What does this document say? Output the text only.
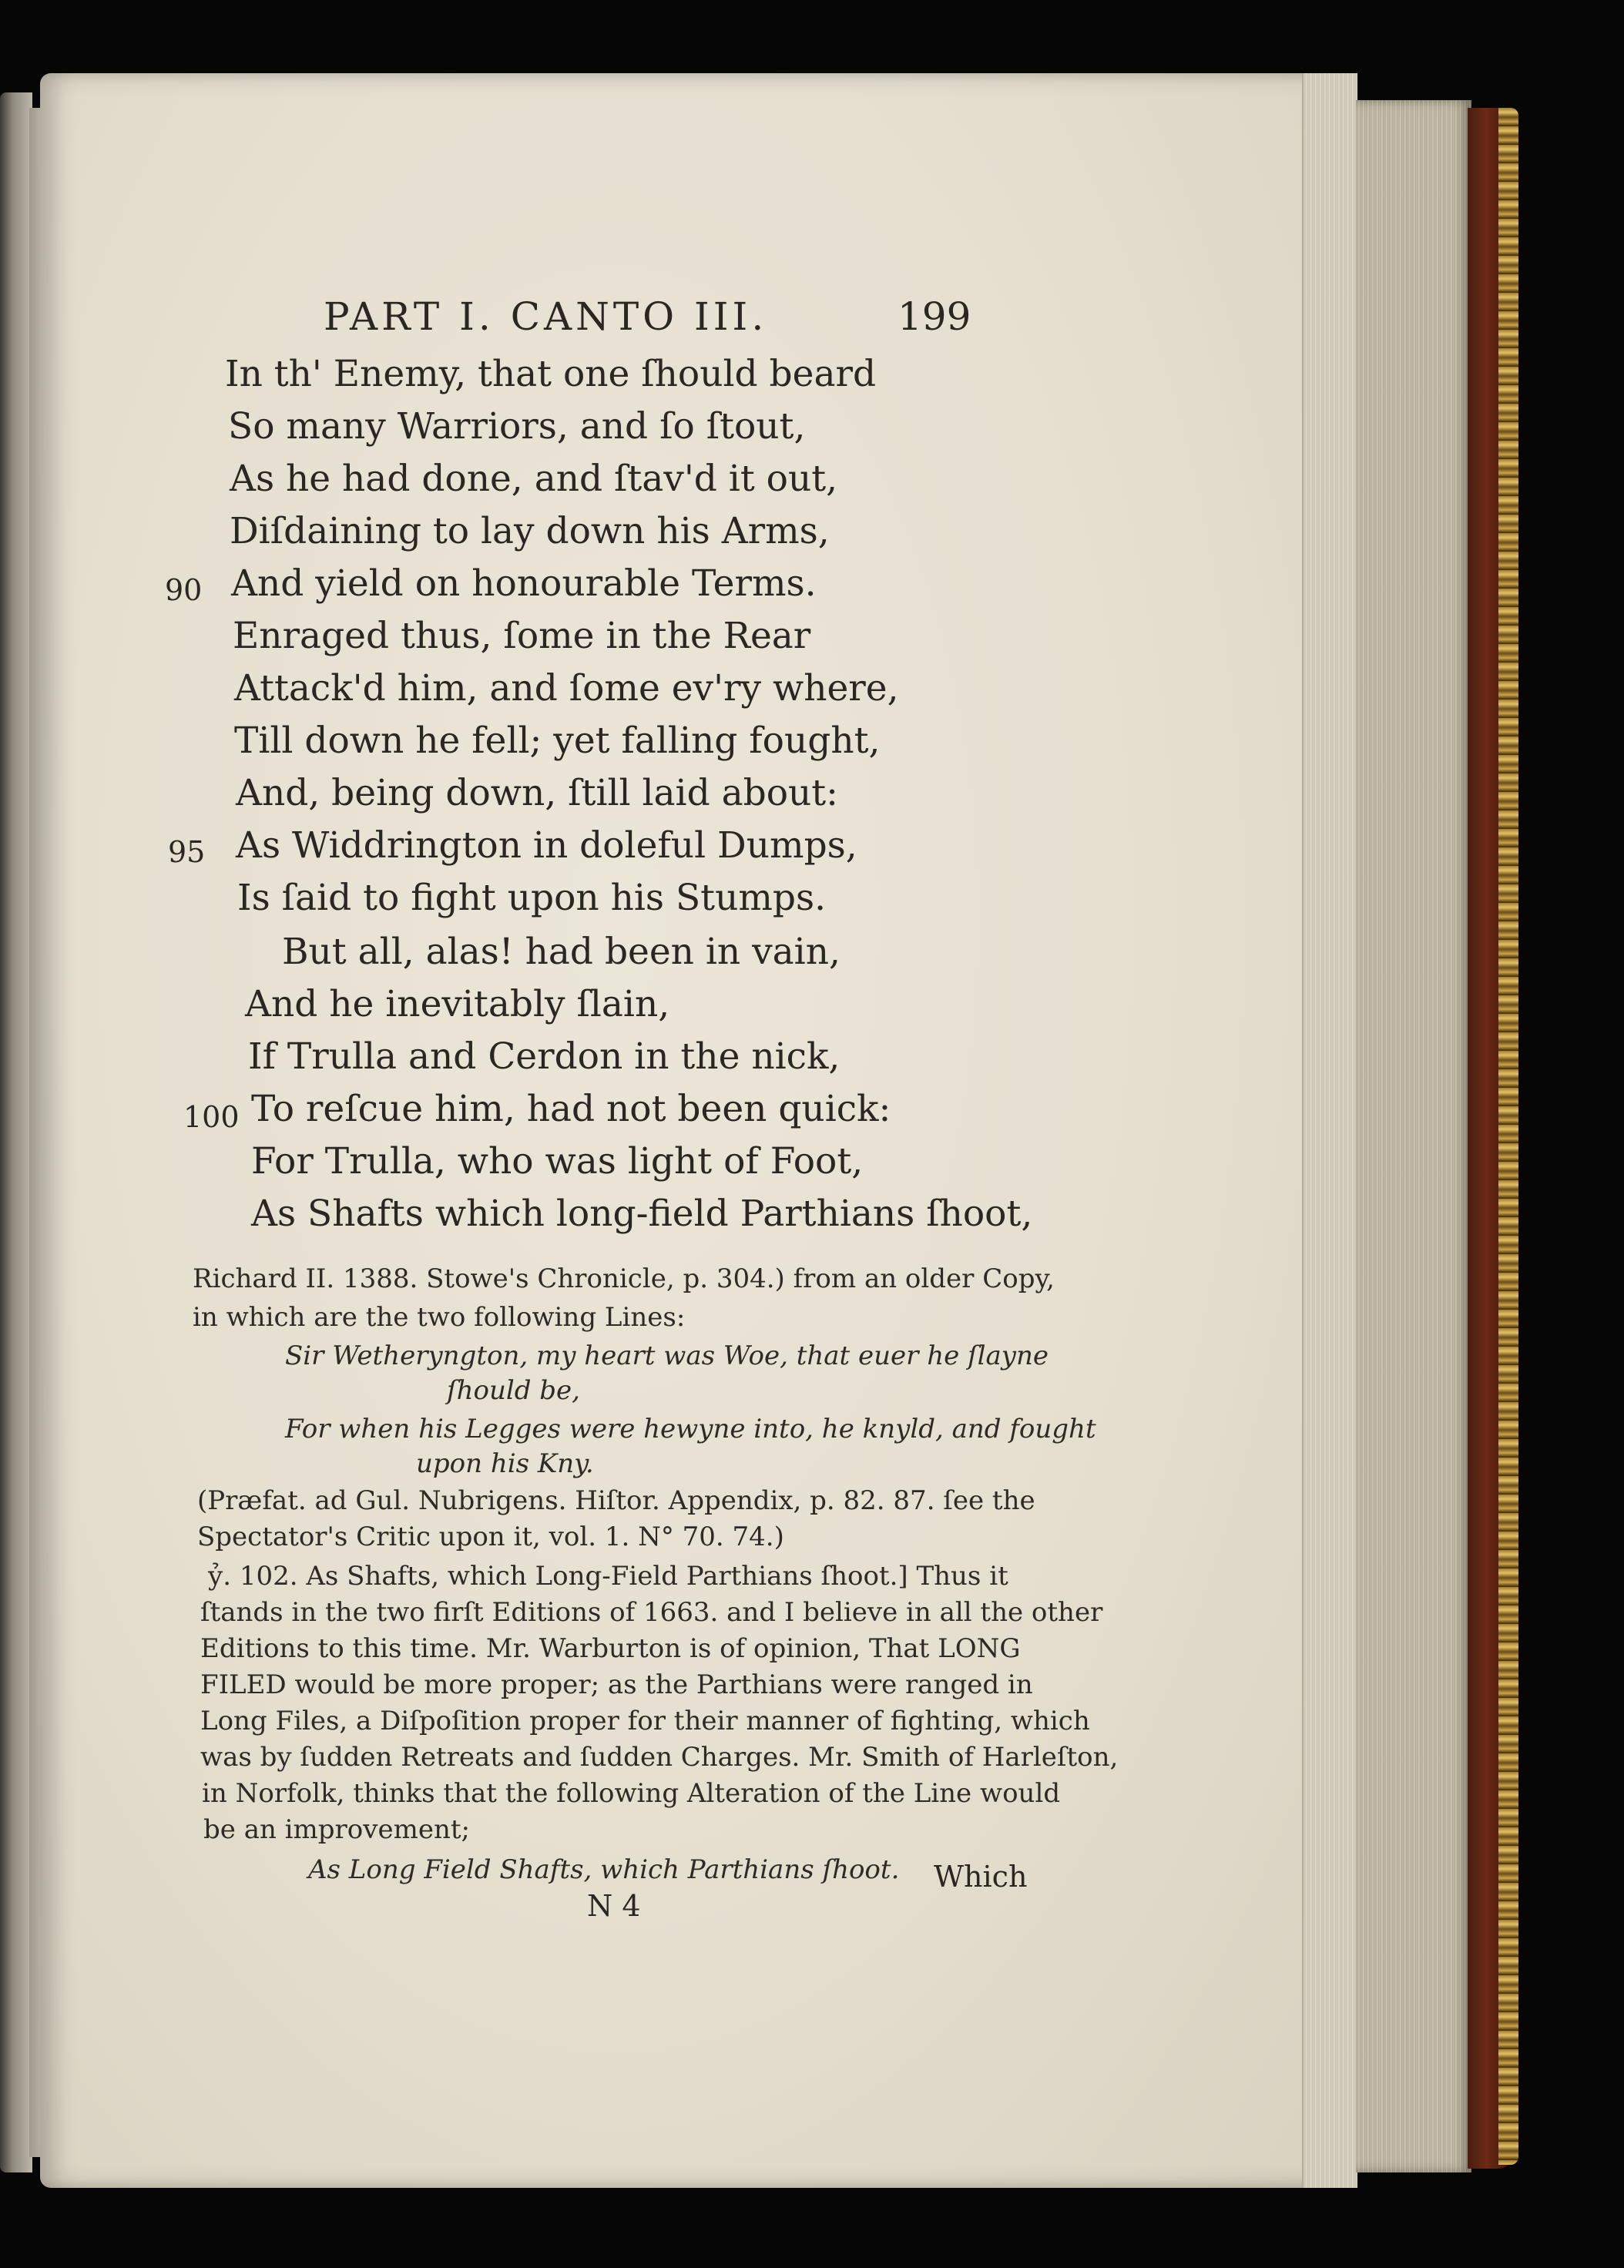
PART I. CANTO III.	199
In th' Enemy, that one ſhould beard
So many Warriors, and ſo ſtout,
As he had done, and ſtav'd it out,
Diſdaining to lay down his Arms,
And yield on honourable Terms.
Enraged thus, ſome in the Rear
Attack'd him, and ſome ev'ry where,
Till down he fell; yet falling fought,
And, being down, ſtill laid about:
As Widdrington in doleful Dumps,
Is ſaid to fight upon his Stumps.
But all, alas! had been in vain,
And he inevitably ſlain,
If Trulla and Cerdon in the nick,
To reſcue him, had not been quick:
For Trulla, who was light of Foot,
As Shafts which long-field Parthians ſhoot,
90
95
100
Richard II. 1388. Stowe's Chronicle, p. 304.) from an older Copy,
in which are the two following Lines:
Sir Wetheryngton, my heart was Woe, that euer he ſlayne
ſhould be,
For when his Legges were hewyne into, he knyld, and fought
upon his Kny.
(Præfat. ad Gul. Nubrigens. Hiſtor. Appendix, p. 82. 87. ſee the
Spectator's Critic upon it, vol. 1. N° 70. 74.)
ỷ. 102. As Shafts, which Long-Field Parthians ſhoot.] Thus it
ſtands in the two firſt Editions of 1663. and I believe in all the other
Editions to this time. Mr. Warburton is of opinion, That LONG
FILED would be more proper; as the Parthians were ranged in
Long Files, a Diſpoſition proper for their manner of fighting, which
was by ſudden Retreats and ſudden Charges. Mr. Smith of Harleſton,
in Norfolk, thinks that the following Alteration of the Line would
be an improvement;
As Long Field Shafts, which Parthians ſhoot.
N 4
Which
